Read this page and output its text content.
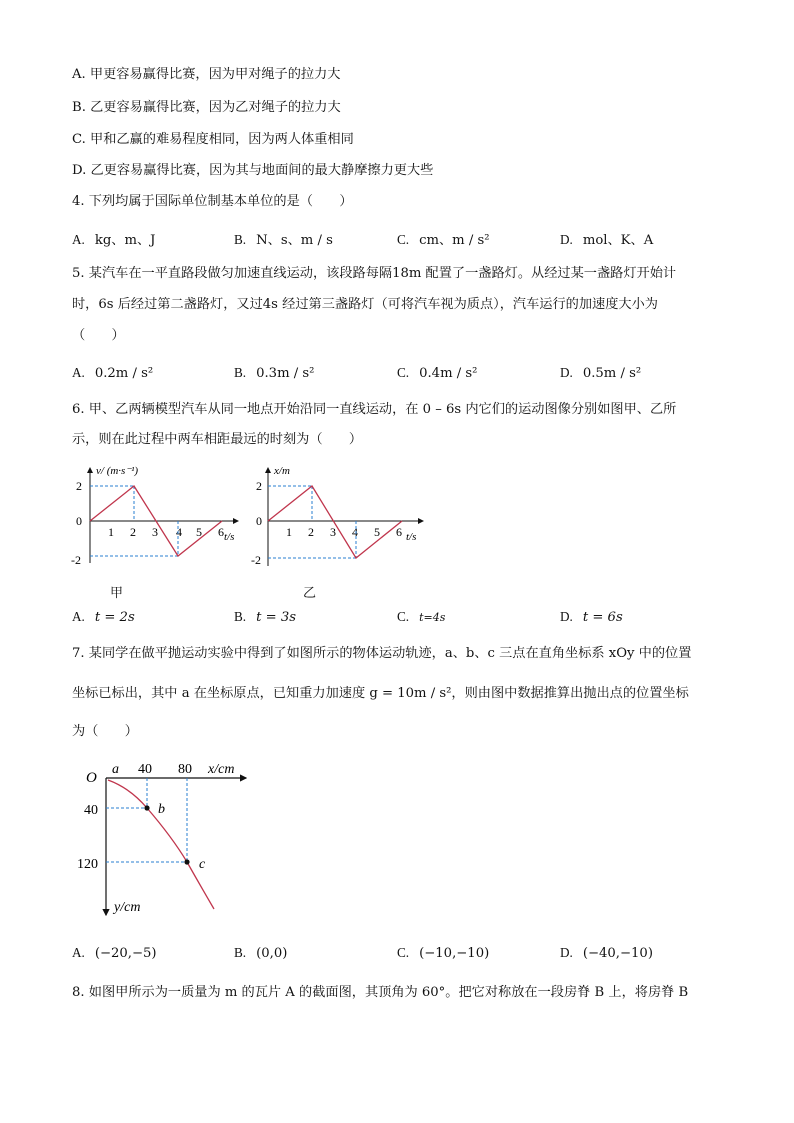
A. 甲更容易赢得比赛，因为甲对绳子的拉力大
B. 乙更容易赢得比赛，因为乙对绳子的拉力大
C. 甲和乙赢的难易程度相同，因为两人体重相同
D. 乙更容易赢得比赛，因为其与地面间的最大静摩擦力更大些
4. 下列均属于国际单位制基本单位的是（　　）
A. kg、m、J	B. N、s、m / s	C. cm、m / s²	D. mol、K、A
5. 某汽车在一平直路段做匀加速直线运动，该段路每隔18m 配置了一盏路灯。从经过某一盏路灯开始计
时，6s 后经过第二盏路灯，又过4s 经过第三盏路灯（可将汽车视为质点），汽车运行的加速度大小为
（　　）
A. 0.2m / s²	B. 0.3m / s²	C. 0.4m / s²	D. 0.5m / s²
6. 甲、乙两辆模型汽车从同一地点开始沿同一直线运动，在 0 – 6s 内它们的运动图像分别如图甲、乙所
示，则在此过程中两车相距最远的时刻为（　　）
v/ (m·s⁻¹)
t/s
2
0
-2
1 2 3 4 5 6
甲
x/m
t/s
2
0
-2
1 2 3 4 5 6
乙
A. t = 2s	B. t = 3s	C. t=4s	D. t = 6s
7. 某同学在做平抛运动实验中得到了如图所示的物体运动轨迹，a、b、c 三点在直角坐标系 xOy 中的位置
坐标已标出，其中 a 在坐标原点，已知重力加速度 g = 10m / s²，则由图中数据推算出抛出点的位置坐标
为（　　）
O
a 40 80 x/cm
40
120
y/cm
b
c
A. (−20,−5)	B. (0,0)	C. (−10,−10)	D. (−40,−10)
8. 如图甲所示为一质量为 m 的瓦片 A 的截面图，其顶角为 60°。把它对称放在一段房脊 B 上，将房脊 B
